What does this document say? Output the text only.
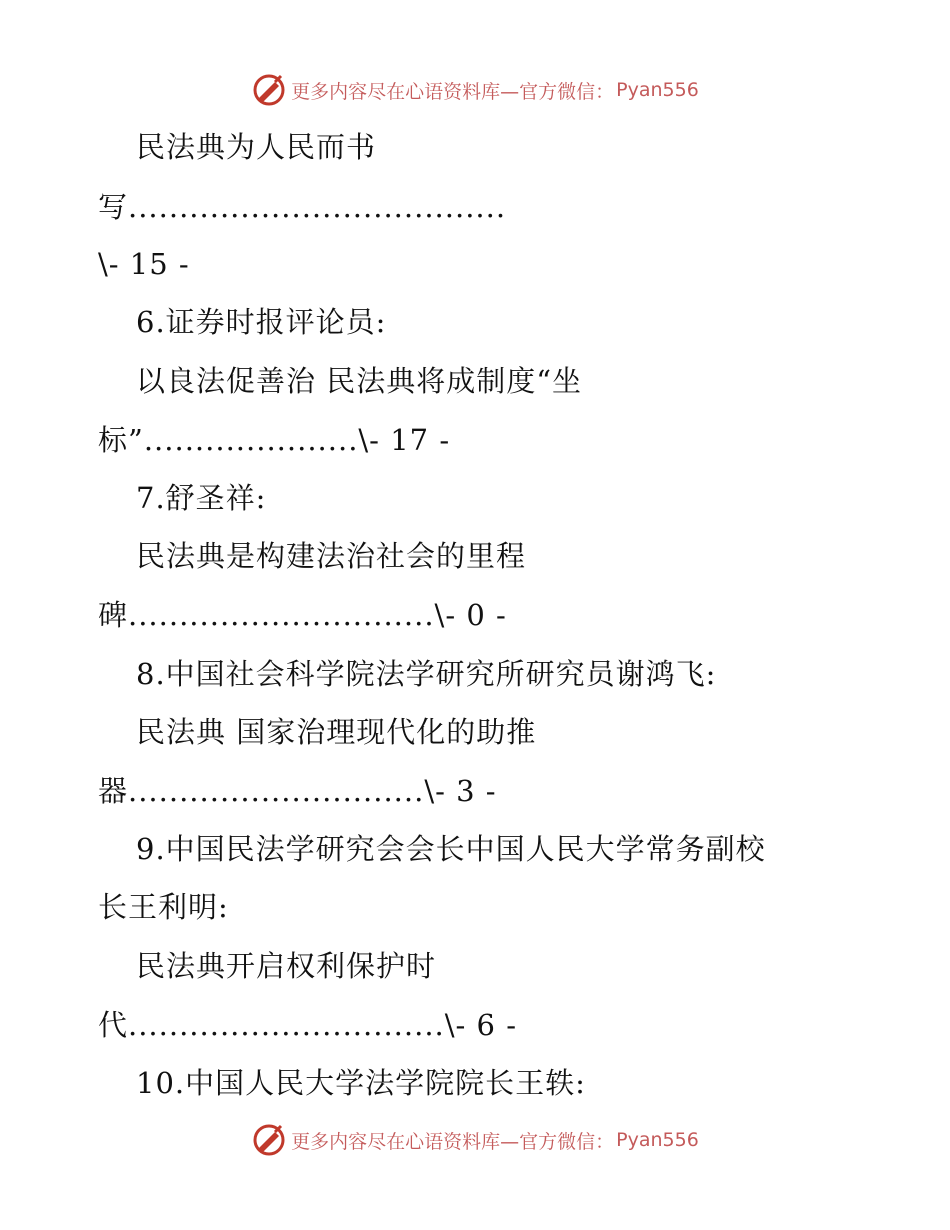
更多内容尽在心语资料库—官方微信： Pyan556
民法典为人民而书
写.....................................
\- 15 -
6.证券时报评论员:
以良法促善治 民法典将成制度“坐
标”.....................\- 17 -
7.舒圣祥:
民法典是构建法治社会的里程
碑..............................\- 0 -
8.中国社会科学院法学研究所研究员谢鸿飞:
民法典 国家治理现代化的助推
器.............................\- 3 -
9.中国民法学研究会会长中国人民大学常务副校
长王利明:
民法典开启权利保护时
代...............................\- 6 -
10.中国人民大学法学院院长王轶:
更多内容尽在心语资料库—官方微信： Pyan556
